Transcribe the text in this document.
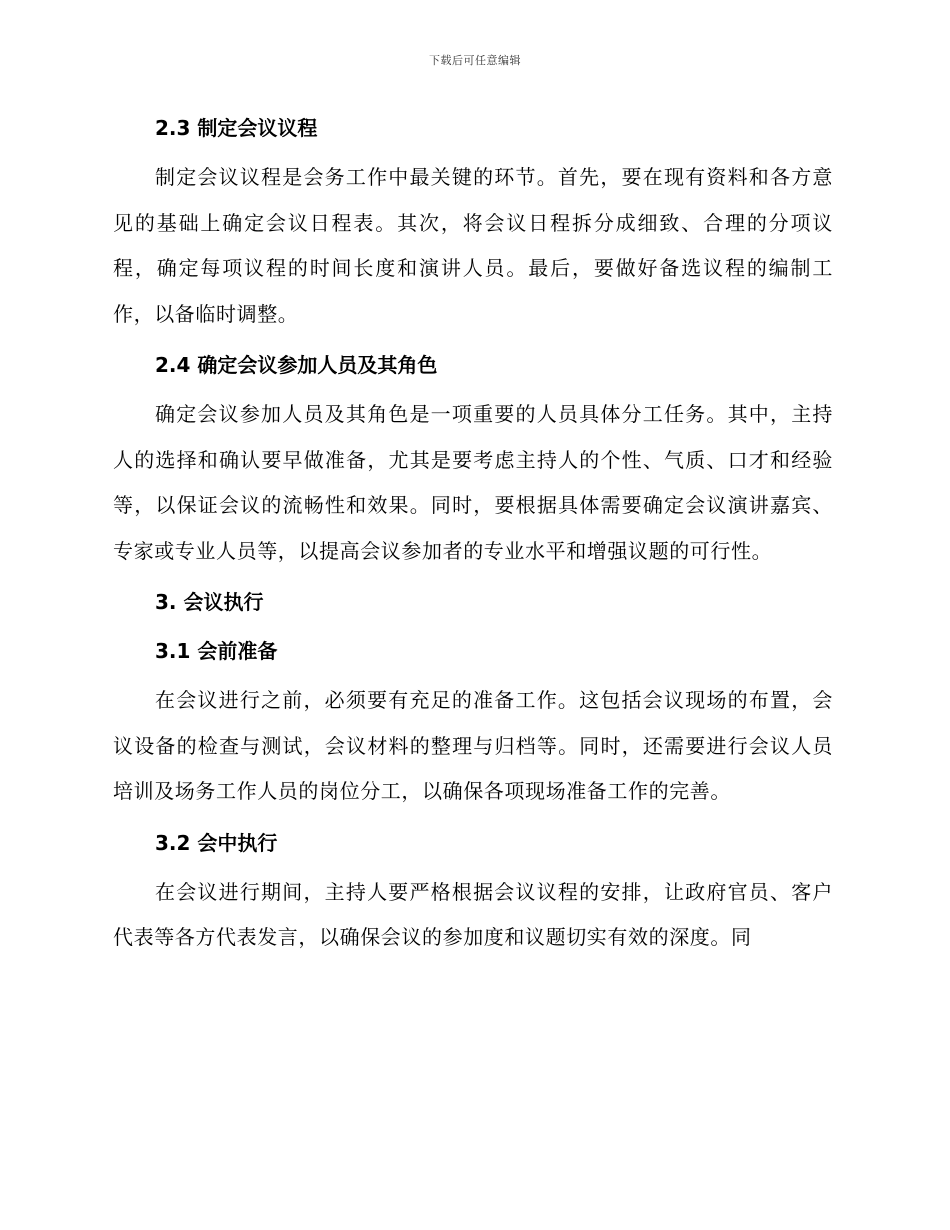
下载后可任意编辑
2.3 制定会议议程

制定会议议程是会务工作中最关键的环节。首先，要在现有资料和各方意见的基础上确定会议日程表。其次，将会议日程拆分成细致、合理的分项议程，确定每项议程的时间长度和演讲人员。最后，要做好备选议程的编制工作，以备临时调整。

2.4 确定会议参加人员及其角色

确定会议参加人员及其角色是一项重要的人员具体分工任务。其中，主持人的选择和确认要早做准备，尤其是要考虑主持人的个性、气质、口才和经验等，以保证会议的流畅性和效果。同时，要根据具体需要确定会议演讲嘉宾、专家或专业人员等，以提高会议参加者的专业水平和增强议题的可行性。

3. 会议执行
3.1 会前准备

在会议进行之前，必须要有充足的准备工作。这包括会议现场的布置，会议设备的检查与测试，会议材料的整理与归档等。同时，还需要进行会议人员培训及场务工作人员的岗位分工，以确保各项现场准备工作的完善。

3.2 会中执行

在会议进行期间，主持人要严格根据会议议程的安排，让政府官员、客户代表等各方代表发言，以确保会议的参加度和议题切实有效的深度。同
